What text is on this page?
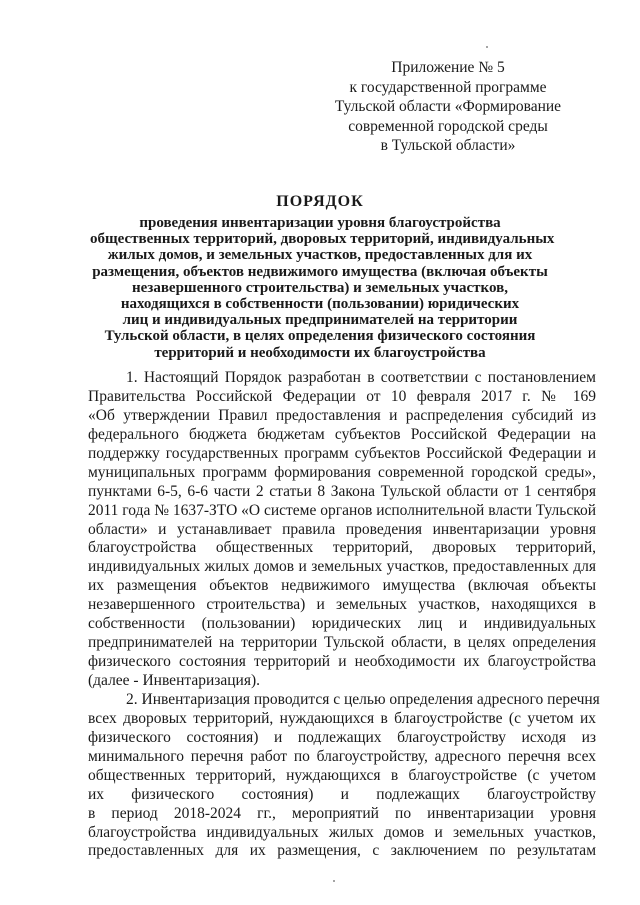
Приложение № 5
к государственной программе
Тульской области «Формирование
современной городской среды
в Тульской области»
ПОРЯДОК
проведения инвентаризации уровня благоустройства
общественных территорий, дворовых территорий, индивидуальных
жилых домов, и земельных участков, предоставленных для их
размещения, объектов недвижимого имущества (включая объекты
незавершенного строительства) и земельных участков,
находящихся в собственности (пользовании) юридических
лиц и индивидуальных предпринимателей на территории
Тульской области, в целях определения физического состояния
территорий и необходимости их благоустройства
1. Настоящий Порядок разработан в соответствии с постановлением
Правительства Российской Федерации от 10 февраля 2017 г. № 169
«Об утверждении Правил предоставления и распределения субсидий из
федерального бюджета бюджетам субъектов Российской Федерации на
поддержку государственных программ субъектов Российской Федерации и
муниципальных программ формирования современной городской среды»,
пунктами 6-5, 6-6 части 2 статьи 8 Закона Тульской области от 1 сентября
2011 года № 1637-ЗТО «О системе органов исполнительной власти Тульской
области» и устанавливает правила проведения инвентаризации уровня
благоустройства общественных территорий, дворовых территорий,
индивидуальных жилых домов и земельных участков, предоставленных для
их размещения объектов недвижимого имущества (включая объекты
незавершенного строительства) и земельных участков, находящихся в
собственности (пользовании) юридических лиц и индивидуальных
предпринимателей на территории Тульской области, в целях определения
физического состояния территорий и необходимости их благоустройства
(далее - Инвентаризация).
2. Инвентаризация проводится с целью определения адресного перечня
всех дворовых территорий, нуждающихся в благоустройстве (с учетом их
физического состояния) и подлежащих благоустройству исходя из
минимального перечня работ по благоустройству, адресного перечня всех
общественных территорий, нуждающихся в благоустройстве (с учетом
их физического состояния) и подлежащих благоустройству
в период 2018-2024 гг., мероприятий по инвентаризации уровня
благоустройства индивидуальных жилых домов и земельных участков,
предоставленных для их размещения, с заключением по результатам
